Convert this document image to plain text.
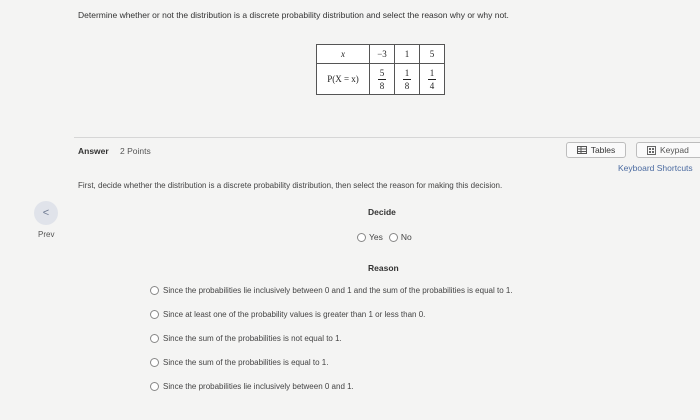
Determine whether or not the distribution is a discrete probability distribution and select the reason why or why not.
x	−3	1	5
P(X = x)	$\frac{5}{8}$	$\frac{1}{8}$	$\frac{1}{4}$
Answer 2 Points	Tables	Keypad
Keyboard Shortcuts
First, decide whether the distribution is a discrete probability distribution, then select the reason for making this decision.
<
Prev
Decide
Yes No
Reason
Since the probabilities lie inclusively between 0 and 1 and the sum of the probabilities is equal to 1.
Since at least one of the probability values is greater than 1 or less than 0.
Since the sum of the probabilities is not equal to 1.
Since the sum of the probabilities is equal to 1.
Since the probabilities lie inclusively between 0 and 1.
